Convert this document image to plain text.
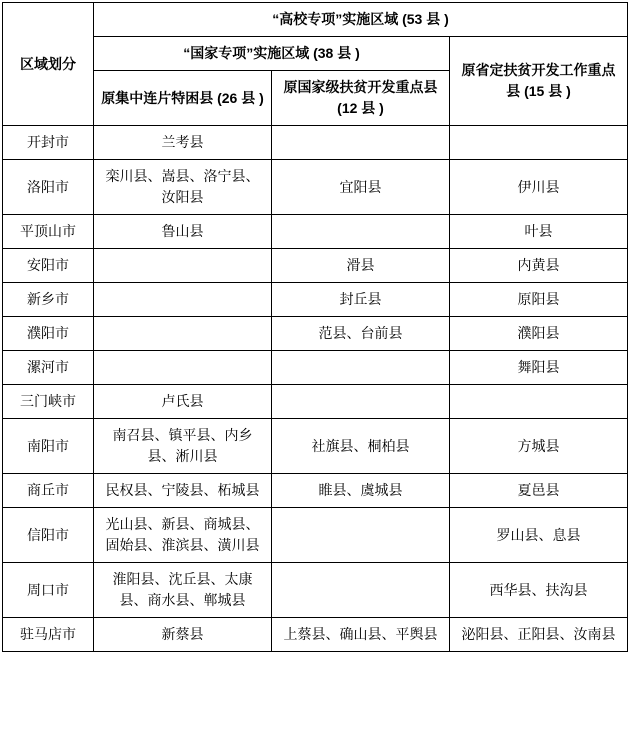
区域划分	“高校专项”实施区域 (53 县 )		
	“国家专项”实施区域 (38 县 )		原省定扶贫开发工作重点县 (15 县 )
	原集中连片特困县 (26 县 )	原国家级扶贫开发重点县 (12 县 )	
开封市	兰考县		
洛阳市	栾川县、嵩县、洛宁县、汝阳县	宜阳县	伊川县
平顶山市	鲁山县		叶县
安阳市		滑县	内黄县
新乡市		封丘县	原阳县
濮阳市		范县、台前县	濮阳县
漯河市			舞阳县
三门峡市	卢氏县		
南阳市	南召县、镇平县、内乡县、淅川县	社旗县、桐柏县	方城县
商丘市	民权县、宁陵县、柘城县	睢县、虞城县	夏邑县
信阳市	光山县、新县、商城县、固始县、淮滨县、潢川县		罗山县、息县
周口市	淮阳县、沈丘县、太康县、商水县、郸城县		西华县、扶沟县
驻马店市	新蔡县	上蔡县、确山县、平舆县	泌阳县、正阳县、汝南县
